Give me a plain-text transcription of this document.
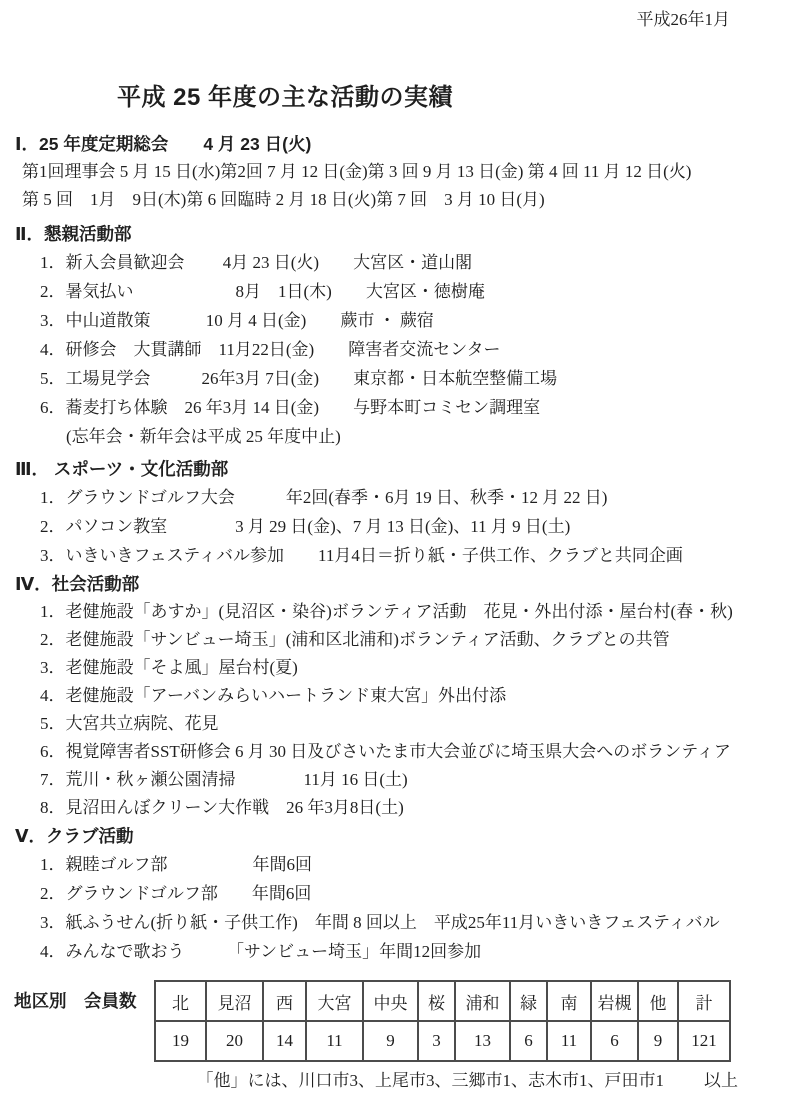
平成26年1月
平成 25 年度の主な活動の実績

Ⅰ．25 年度定期総会　　4 月 23 日(火)

第1回理事会 5 月 15 日(水)第2回 7 月 12 日(金)第 3 回 9 月 13 日(金) 第 4 回 11 月 12 日(火)

第 5 回　1月　9日(木)第 6 回臨時 2 月 18 日(火)第 7 回　3 月 10 日(月)

Ⅱ．懇親活動部

1．新入会員歓迎会　　 4月 23 日(火)　　大宮区・道山閣

2．暑気払い　　　　　　8月　1日(木)　　大宮区・徳樹庵

3．中山道散策　　　 10 月 4 日(金)　　蕨市 ・ 蕨宿

4．研修会　大貫講師　11月22日(金)　　障害者交流センター

5．工場見学会　　　26年3月 7日(金)　　東京都・日本航空整備工場

6．蕎麦打ち体験　26 年3月 14 日(金)　　与野本町コミセン調理室

(忘年会・新年会は平成 25 年度中止)

Ⅲ． スポーツ・文化活動部

1．グラウンドゴルフ大会　　　年2回(春季・6月 19 日、秋季・12 月 22 日)

2．パソコン教室　　　　3 月 29 日(金)、7 月 13 日(金)、11 月 9 日(土)

3．いきいきフェスティバル参加　　11月4日＝折り紙・子供工作、クラブと共同企画

Ⅳ．社会活動部

1．老健施設「あすか」(見沼区・染谷)ボランティア活動　花見・外出付添・屋台村(春・秋)

2．老健施設「サンビュー埼玉」(浦和区北浦和)ボランティア活動、クラブとの共管

3．老健施設「そよ風」屋台村(夏)

4．老健施設「アーバンみらいハートランド東大宮」外出付添

5．大宮共立病院、花見

6．視覚障害者SST研修会 6 月 30 日及びさいたま市大会並びに埼玉県大会へのボランティア

7．荒川・秋ヶ瀬公園清掃　　　　11月 16 日(土)

8．見沼田んぼクリーン大作戦　26 年3月8日(土)

Ⅴ．クラブ活動

1．親睦ゴルフ部　　　　　年間6回

2．グラウンドゴルフ部　　年間6回

3．紙ふうせん(折り紙・子供工作)　年間 8 回以上　平成25年11月いきいきフェスティバル

4．みんなで歌おう　　　「サンビュー埼玉」年間12回参加

地区別　会員数	北	見沼	西	大宮	中央	桜	浦和	緑	南	岩槻	他	計
19	20	14	11	9	3	13	6	11	6	9	121
「他」には、川口市3、上尾市3、三郷市1、志木市1、戸田市1 以上
